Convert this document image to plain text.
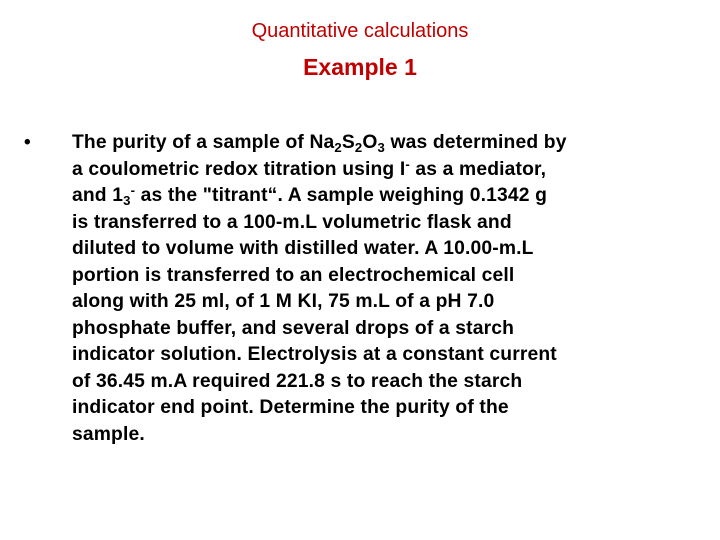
Quantitative calculations
Example 1
• The purity of a sample of $Na_2S_2O_3$ was determined by
a coulometric redox titration using I- as a mediator,
and $1_3^-$ as the "titrant“. A sample weighing 0.1342 g
is transferred to a 100‑m.L volumetric flask and
diluted to volume with distilled water. A 10.00‑m.L
portion is transferred to an electrochemical cell
along with 25 ml, of 1 M KI, 75 m.L of a pH 7.0
phosphate buffer, and several drops of a starch
indicator solution. Electrolysis at a constant current
of 36.45 m.A required 221.8 s to reach the starch
indicator end point. Determine the purity of the
sample.
